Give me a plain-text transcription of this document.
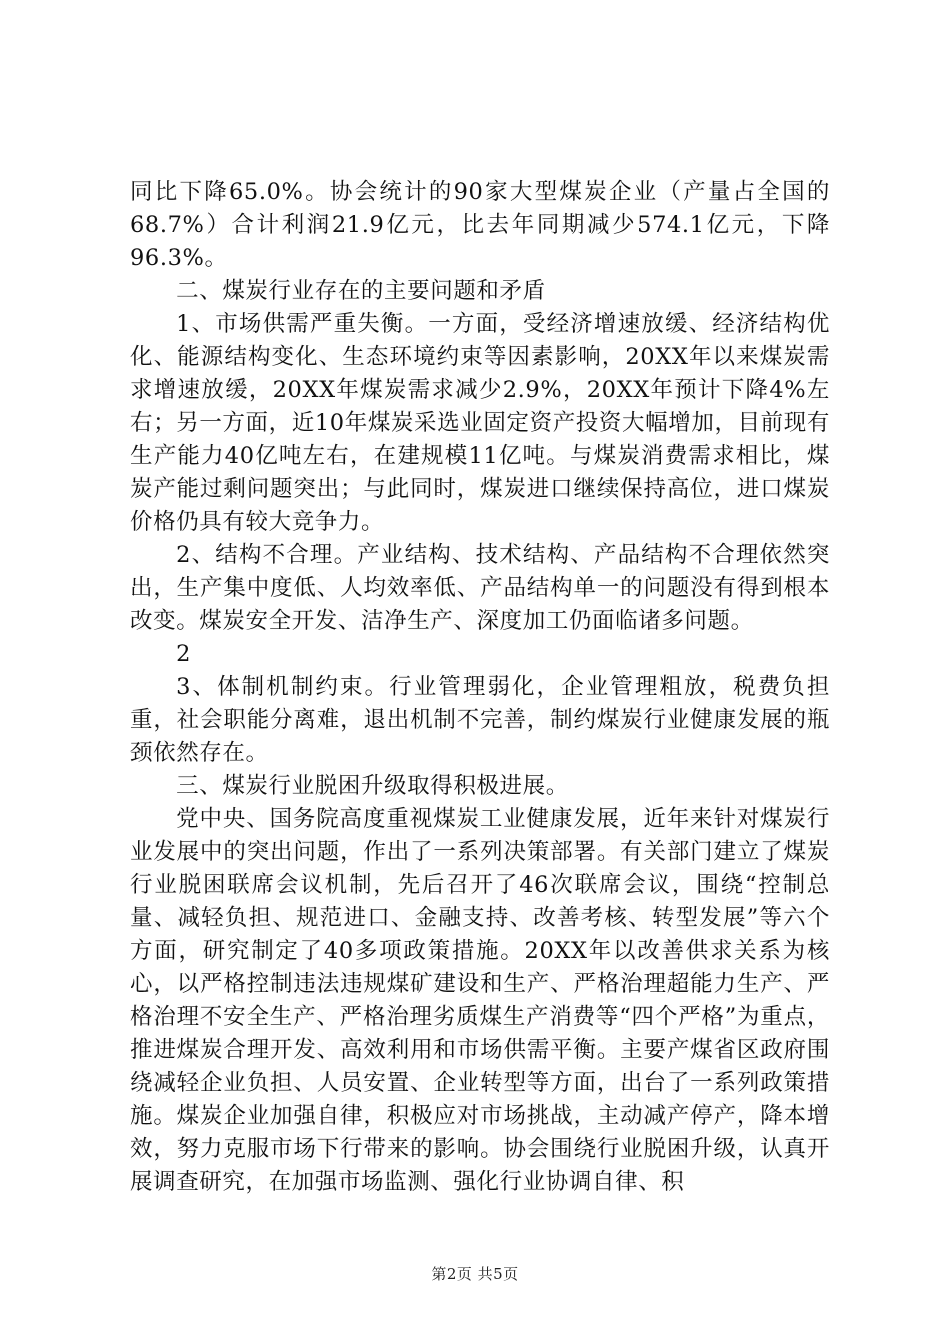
同比下降65.0%。协会统计的90家大型煤炭企业（产量占全国的68.7%）合计利润21.9亿元，比去年同期减少574.1亿元，下降96.3%。

二、煤炭行业存在的主要问题和矛盾

1、市场供需严重失衡。一方面，受经济增速放缓、经济结构优化、能源结构变化、生态环境约束等因素影响，20XX年以来煤炭需求增速放缓，20XX年煤炭需求减少2.9%，20XX年预计下降4%左右；另一方面，近10年煤炭采选业固定资产投资大幅增加，目前现有生产能力40亿吨左右，在建规模11亿吨。与煤炭消费需求相比，煤炭产能过剩问题突出；与此同时，煤炭进口继续保持高位，进口煤炭价格仍具有较大竞争力。

2、结构不合理。产业结构、技术结构、产品结构不合理依然突出，生产集中度低、人均效率低、产品结构单一的问题没有得到根本改变。煤炭安全开发、洁净生产、深度加工仍面临诸多问题。

2

3、体制机制约束。行业管理弱化，企业管理粗放，税费负担重，社会职能分离难，退出机制不完善，制约煤炭行业健康发展的瓶颈依然存在。

三、煤炭行业脱困升级取得积极进展。

党中央、国务院高度重视煤炭工业健康发展，近年来针对煤炭行业发展中的突出问题，作出了一系列决策部署。有关部门建立了煤炭行业脱困联席会议机制，先后召开了46次联席会议，围绕“控制总量、减轻负担、规范进口、金融支持、改善考核、转型发展”等六个方面，研究制定了40多项政策措施。20XX年以改善供求关系为核心，以严格控制违法违规煤矿建设和生产、严格治理超能力生产、严格治理不安全生产、严格治理劣质煤生产消费等“四个严格”为重点，推进煤炭合理开发、高效利用和市场供需平衡。主要产煤省区政府围绕减轻企业负担、人员安置、企业转型等方面，出台了一系列政策措施。煤炭企业加强自律，积极应对市场挑战，主动减产停产，降本增效，努力克服市场下行带来的影响。协会围绕行业脱困升级，认真开展调查研究，在加强市场监测、强化行业协调自律、积

第2页 共5页
